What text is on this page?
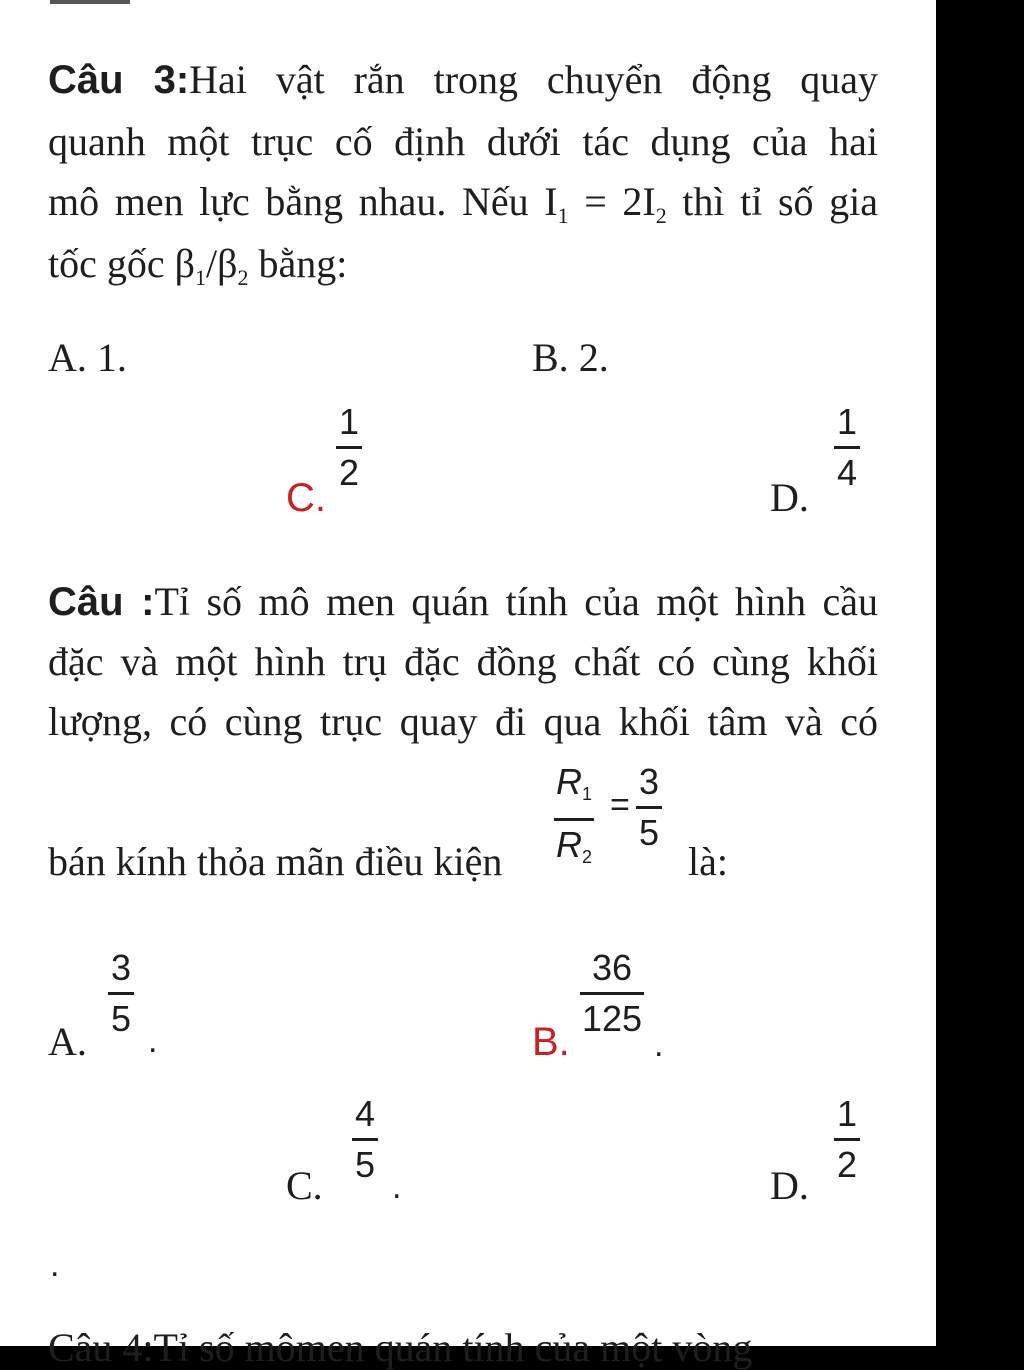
Câu 3:Hai vật rắn trong chuyển động quay
quanh một trục cố định dưới tác dụng của hai
mô men lực bằng nhau. Nếu $I_1 = 2I_2$ thì tỉ số gia
tốc gốc $\beta_1/\beta_2$ bằng:
A. 1.	B. 2.
C.
1
2
D.
1
4
Câu :Tỉ số mô men quán tính của một hình cầu
đặc và một hình trụ đặc đồng chất có cùng khối
lượng, có cùng trục quay đi qua khối tâm và có
bán kính thỏa mãn điều kiện
R1
R2
=
3
5
là:
A.
3
5
.	B.
36
125
.
C.
4
5
.	D.
1
2
.
Câu 4:Tỉ số mômen quán tính của một vòng
